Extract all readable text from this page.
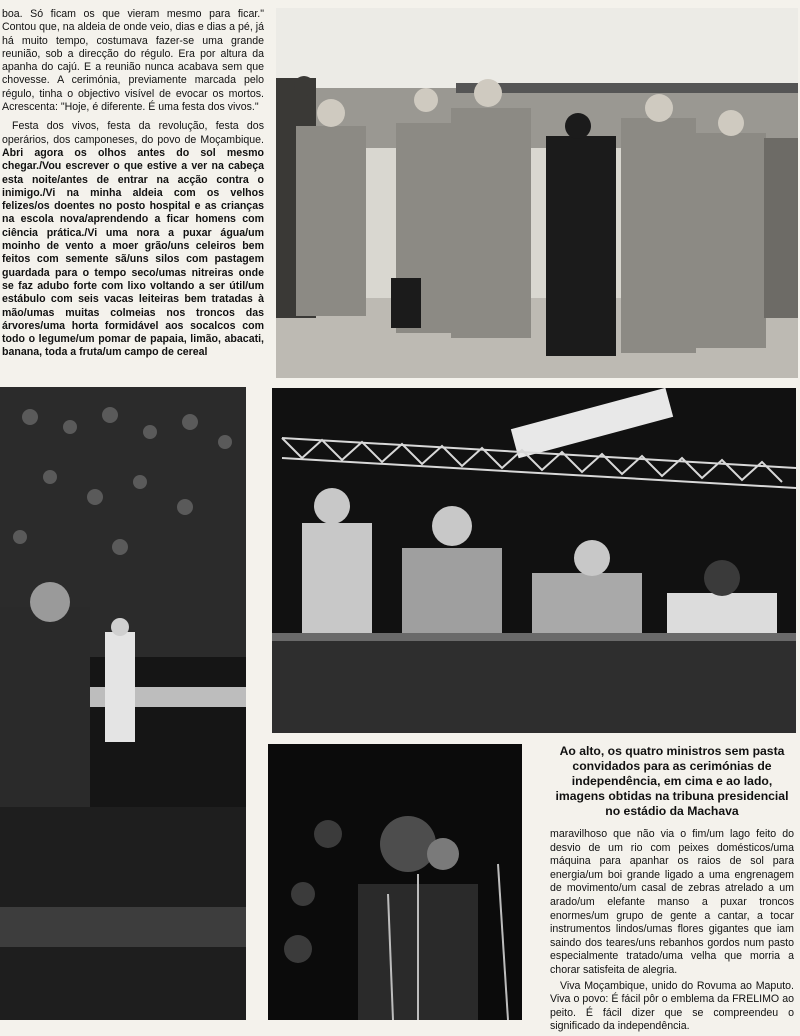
boa. Só ficam os que vieram mesmo para ficar." Contou que, na aldeia de onde veio, dias e dias a pé, já há muito tempo, costumava fazer-se uma grande reunião, sob a direcção do régulo. Era por altura da apanha do cajú. E a reunião nunca acabava sem que chovesse. A cerimónia, previamente marcada pelo régulo, tinha o objectivo visível de evocar os mortos. Acrescenta: "Hoje, é diferente. É uma festa dos vivos."

Festa dos vivos, festa da revolução, festa dos operários, dos camponeses, do povo de Moçambique. Abri agora os olhos antes do sol mesmo chegar./Vou escrever o que estive a ver na cabeça esta noite/antes de entrar na acção contra o inimigo./Vi na minha aldeia com os velhos felizes/os doentes no posto hospital e as crianças na escola nova/aprendendo a ficar homens com ciência prática./Vi uma nora a puxar água/um moinho de vento a moer grão/uns celeiros bem feitos com semente sã/uns silos com pastagem guardada para o tempo seco/umas nitreiras onde se faz adubo forte com lixo voltando a ser útil/um estábulo com seis vacas leiteiras bem tratadas à mão/umas muitas colmeias nos troncos das árvores/uma horta formidável aos socalcos com todo o legume/um pomar de papaia, limão, abacati, banana, toda a fruta/um campo de cereal

Ao alto, os quatro ministros sem pasta convidados para as cerimónias de independência, em cima e ao lado, imagens obtidas na tribuna presidencial no estádio da Machava

maravilhoso que não via o fim/um lago feito do desvio de um rio com peixes domésticos/uma máquina para apanhar os raios de sol para energia/um boi grande ligado a uma engrenagem de movimento/um casal de zebras atrelado a um arado/um elefante manso a puxar troncos enormes/um grupo de gente a cantar, a tocar instrumentos lindos/umas flores gigantes que iam saindo dos teares/uns rebanhos gordos num pasto especialmente tratado/uma velha que morria a chorar satisfeita de alegria.

Viva Moçambique, unido do Rovuma ao Maputo. Viva o povo: É fácil pôr o emblema da FRELIMO ao peito. É fácil dizer que se compreendeu o significado da independência.
